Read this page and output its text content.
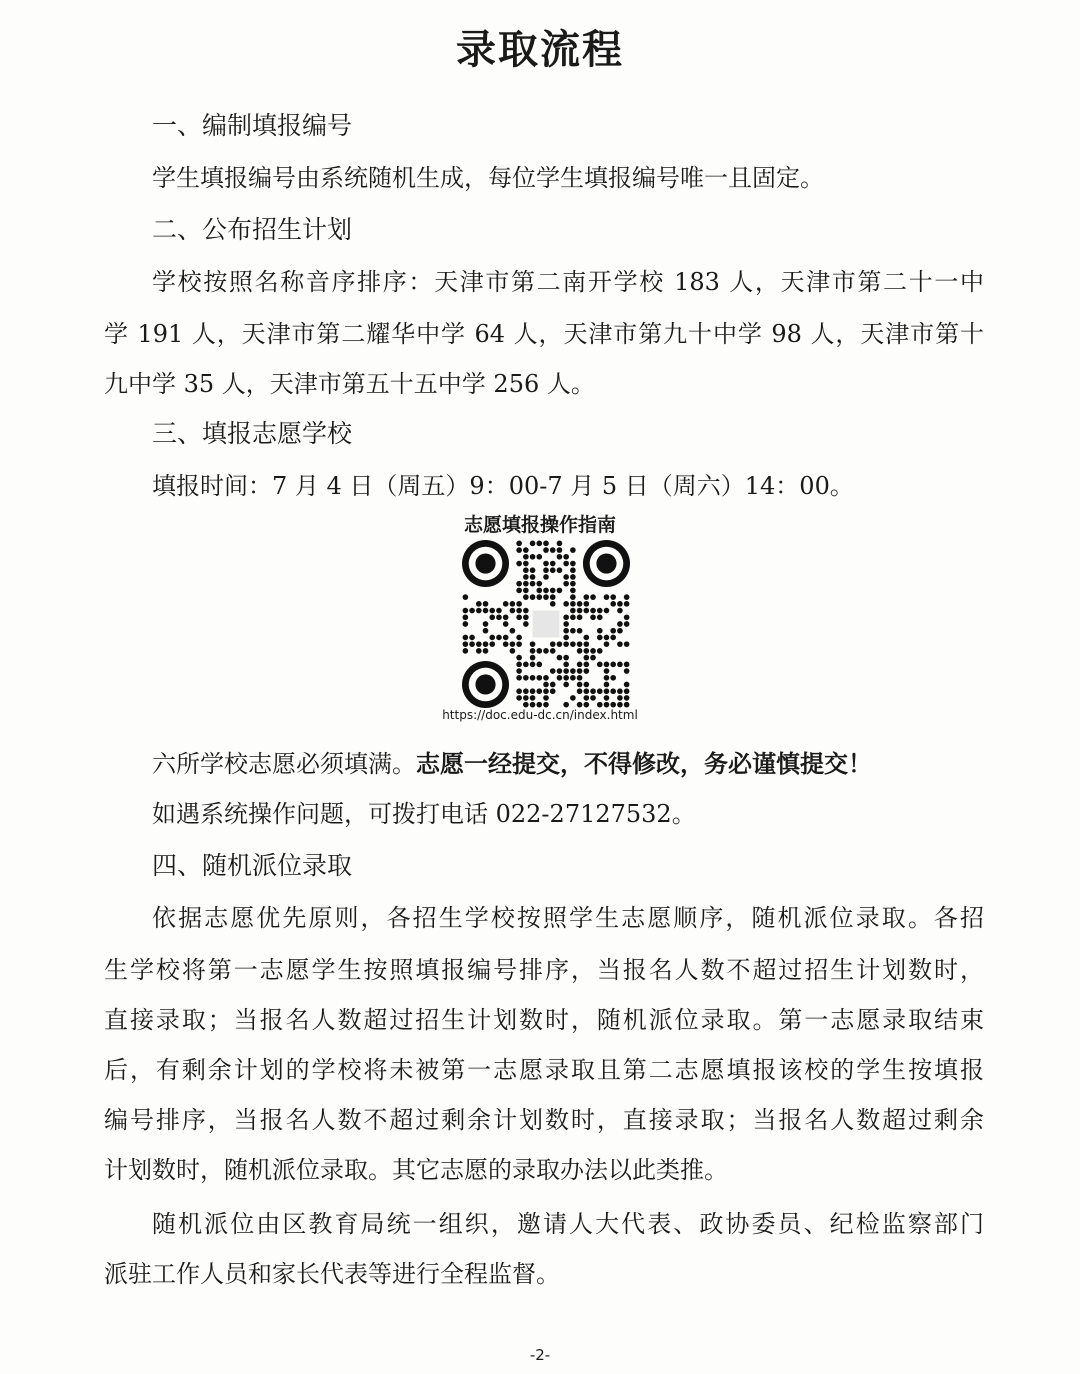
录取流程
一、编制填报编号
学生填报编号由系统随机生成，每位学生填报编号唯一且固定。
二、公布招生计划
学校按照名称音序排序：天津市第二南开学校 183 人，天津市第二十一中
学 191 人，天津市第二耀华中学 64 人，天津市第九十中学 98 人，天津市第十
九中学 35 人，天津市第五十五中学 256 人。
三、填报志愿学校
填报时间：7 月 4 日（周五）9：00-7 月 5 日（周六）14：00。
志愿填报操作指南
https://doc.edu-dc.cn/index.html
六所学校志愿必须填满。志愿一经提交，不得修改，务必谨慎提交！
如遇系统操作问题，可拨打电话 022-27127532。
四、随机派位录取
依据志愿优先原则，各招生学校按照学生志愿顺序，随机派位录取。各招
生学校将第一志愿学生按照填报编号排序，当报名人数不超过招生计划数时，
直接录取；当报名人数超过招生计划数时，随机派位录取。第一志愿录取结束
后，有剩余计划的学校将未被第一志愿录取且第二志愿填报该校的学生按填报
编号排序，当报名人数不超过剩余计划数时，直接录取；当报名人数超过剩余
计划数时，随机派位录取。其它志愿的录取办法以此类推。
随机派位由区教育局统一组织，邀请人大代表、政协委员、纪检监察部门
派驻工作人员和家长代表等进行全程监督。
-2-
